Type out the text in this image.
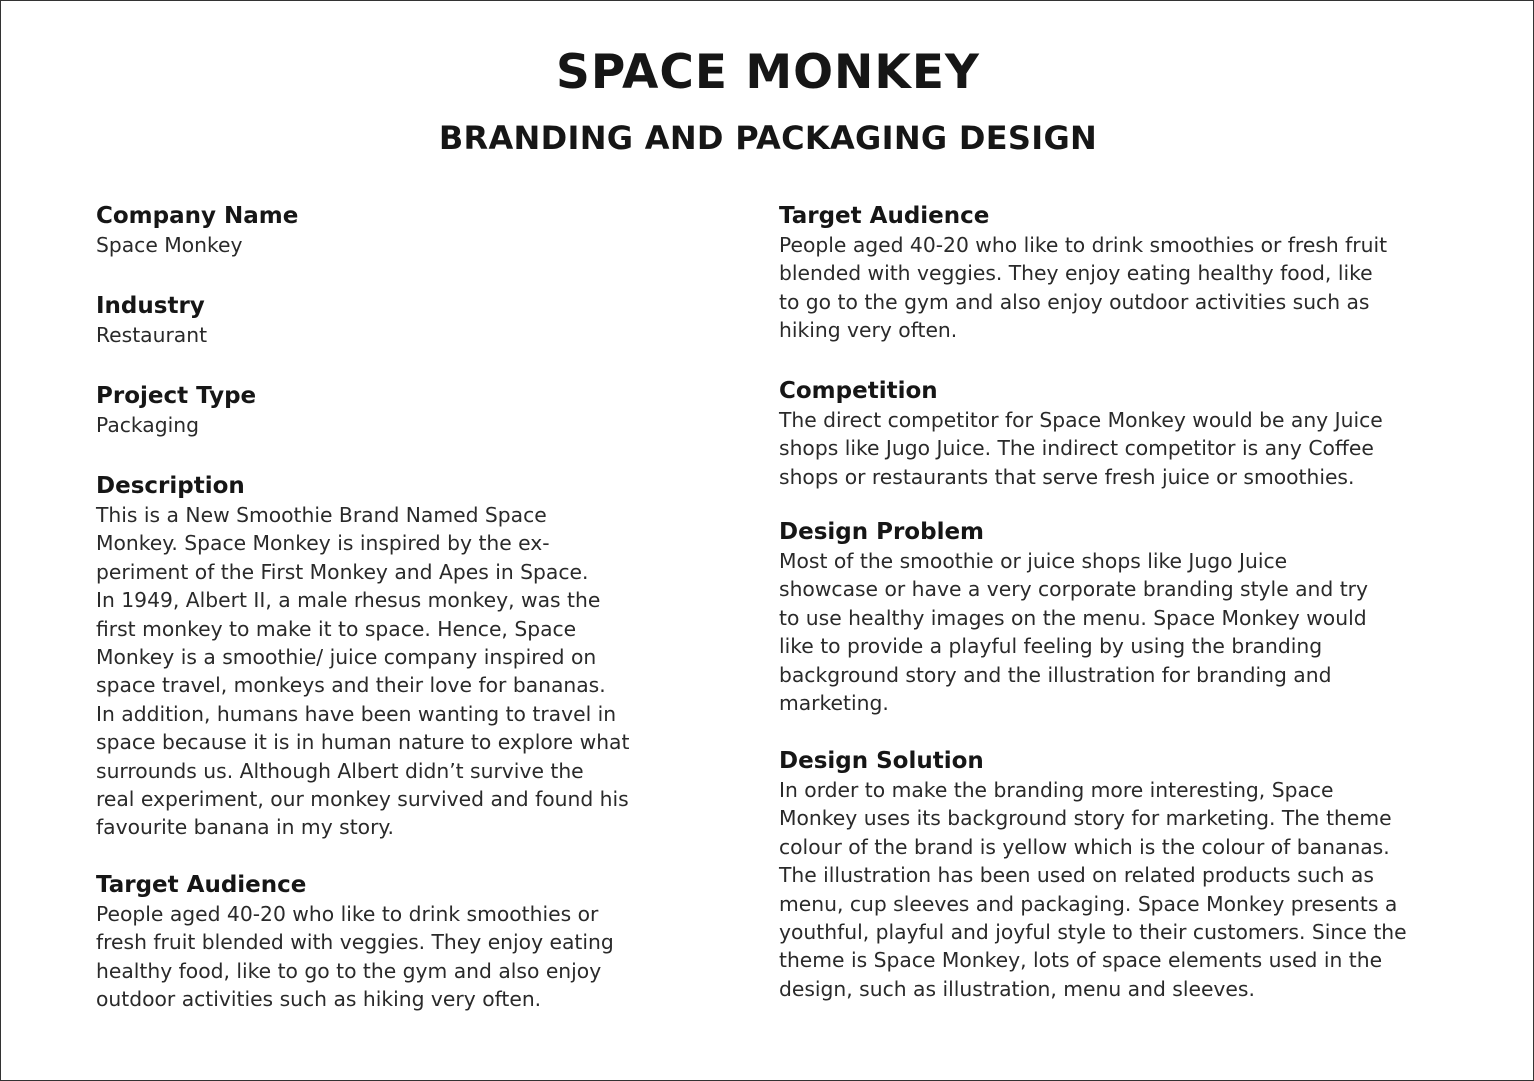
SPACE MONKEY
BRANDING AND PACKAGING DESIGN

Company Name

Space Monkey

Industry

Restaurant

Project Type

Packaging

Description

This is a New Smoothie Brand Named Space
Monkey. Space Monkey is inspired by the ex-
periment of the First Monkey and Apes in Space.
In 1949, Albert II, a male rhesus monkey, was the
first monkey to make it to space. Hence, Space
Monkey is a smoothie/ juice company inspired on
space travel, monkeys and their love for bananas.
In addition, humans have been wanting to travel in
space because it is in human nature to explore what
surrounds us. Although Albert didn’t survive the
real experiment, our monkey survived and found his
favourite banana in my story.

Target Audience

People aged 40-20 who like to drink smoothies or
fresh fruit blended with veggies. They enjoy eating
healthy food, like to go to the gym and also enjoy
outdoor activities such as hiking very often.

Target Audience

People aged 40-20 who like to drink smoothies or fresh fruit
blended with veggies. They enjoy eating healthy food, like
to go to the gym and also enjoy outdoor activities such as
hiking very often.

Competition

The direct competitor for Space Monkey would be any Juice
shops like Jugo Juice. The indirect competitor is any Coffee
shops or restaurants that serve fresh juice or smoothies.

Design Problem

Most of the smoothie or juice shops like Jugo Juice
showcase or have a very corporate branding style and try
to use healthy images on the menu. Space Monkey would
like to provide a playful feeling by using the branding
background story and the illustration for branding and
marketing.

Design Solution

In order to make the branding more interesting, Space
Monkey uses its background story for marketing. The theme
colour of the brand is yellow which is the colour of bananas.
The illustration has been used on related products such as
menu, cup sleeves and packaging. Space Monkey presents a
youthful, playful and joyful style to their customers. Since the
theme is Space Monkey, lots of space elements used in the
design, such as illustration, menu and sleeves.
